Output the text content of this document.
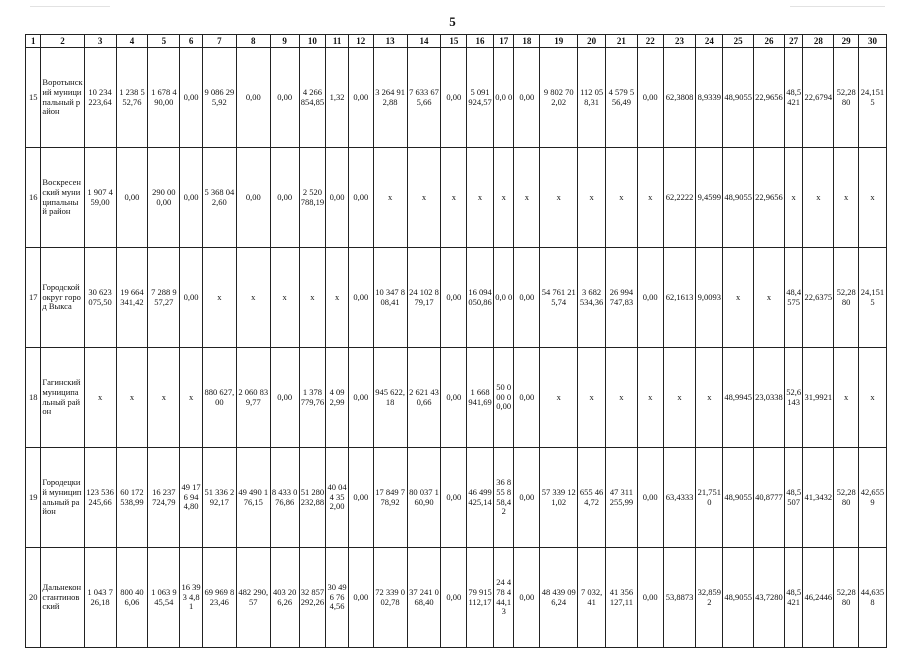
5
1	2	3	4	5	6	7	8	9	10	11	12	13	14	15	16	17	18	19	20	21	22	23	24	25	26	27	28	29	30
15	Воротынский муниципальный район	10 234 223,64	1 238 552,76	1 678 490,00	0,00	9 086 295,92	0,00	0,00	4 266 854,85	1,32	0,00	3 264 912,88	7 633 675,66	0,00	5 091 924,57	0,0 0	0,00	9 802 702,02	112 058,31	4 579 556,49	0,00	62,3808	8,9339	48,9055	22,9656	48,5421	22,6794	52,2880	24,1515
16	Воскресенский муниципальный район	1 907 459,00	0,00	290 000,00	0,00	5 368 042,60	0,00	0,00	2 520 788,19	0,00	0,00	x	x	x	x	x	x	x	x	x	x	62,2222	9,4599	48,9055	22,9656	x	x	x	x
17	Городской округ город Выкса	30 623 075,50	19 664 341,42	7 288 957,27	0,00	x	x	x	x	x	0,00	10 347 808,41	24 102 879,17	0,00	16 094 050,86	0,0 0	0,00	54 761 215,74	3 682 534,36	26 994 747,83	0,00	62,1613	9,0093	x	x	48,4575	22,6375	52,2880	24,1515
18	Гагинский муниципальный район	x	x	x	x	880 627,00	2 060 839,77	0,00	1 378 779,76	4 092,99	0,00	945 622,18	2 621 430,66	0,00	1 668 941,69	50 000 00,00	0,00	x	x	x	x	x	x	48,9945	23,0338	52,6143	31,9921	x	x
19	Городецкий муниципальный район	123 536 245,66	60 172 538,99	16 237 724,79	49 176 944,80	51 336 292,17	49 490 176,15	8 433 076,86	51 280 232,88	40 044 352,00	0,00	17 849 778,92	80 037 160,90	0,00	46 499 425,14	36 855 858,42	0,00	57 339 121,02	655 464,72	47 311 255,99	0,00	63,4333	21,7510	48,9055	40,8777	48,5507	41,3432	52,2880	42,6559
20	Дальнеконстантиновский	1 043 726,18	800 406,06	1 063 945,54	16 393 4,81	69 969 823,46	482 290,57	403 206,26	32 857 292,26	30 496 764,56	0,00	72 339 002,78	37 241 068,40	0,00	79 915 112,17	24 478 444,13	0,00	48 439 096,24	7 032,41	41 356 127,11	0,00	53,8873	32,8592	48,9055	43,7280	48,5421	46,2446	52,2880	44,6358
